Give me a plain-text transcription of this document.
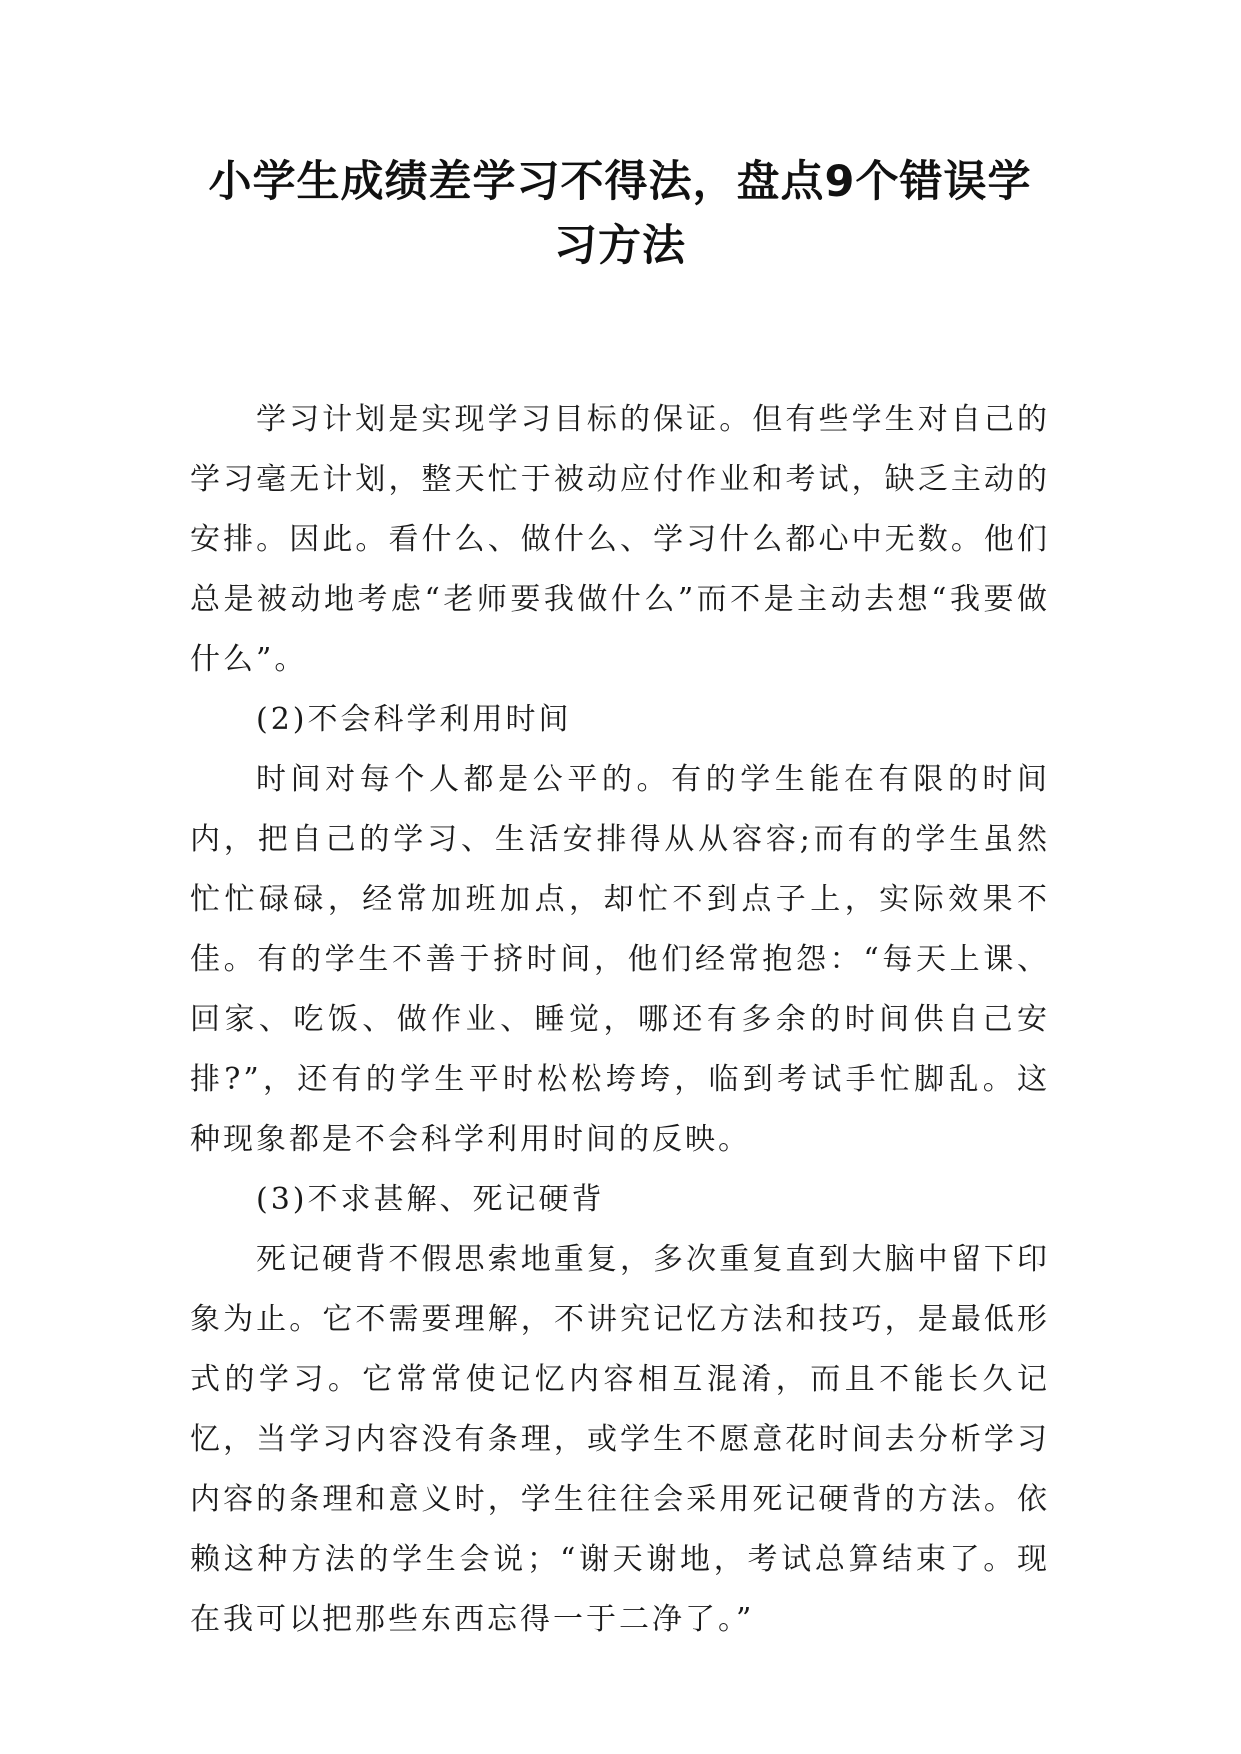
小学生成绩差学习不得法，盘点9个错误学习方法

学习计划是实现学习目标的保证。但有些学生对自己的学习毫无计划，整天忙于被动应付作业和考试，缺乏主动的安排。因此。看什么、做什么、学习什么都心中无数。他们总是被动地考虑“老师要我做什么”而不是主动去想“我要做什么”。

(2)不会科学利用时间

时间对每个人都是公平的。有的学生能在有限的时间内，把自己的学习、生活安排得从从容容;而有的学生虽然忙忙碌碌，经常加班加点，却忙不到点子上，实际效果不佳。有的学生不善于挤时间，他们经常抱怨：“每天上课、回家、吃饭、做作业、睡觉，哪还有多余的时间供自己安排?”，还有的学生平时松松垮垮，临到考试手忙脚乱。这种现象都是不会科学利用时间的反映。

(3)不求甚解、死记硬背

死记硬背不假思索地重复，多次重复直到大脑中留下印象为止。它不需要理解，不讲究记忆方法和技巧，是最低形式的学习。它常常使记忆内容相互混淆，而且不能长久记忆，当学习内容没有条理，或学生不愿意花时间去分析学习内容的条理和意义时，学生往往会采用死记硬背的方法。依赖这种方法的学生会说；“谢天谢地，考试总算结束了。现在我可以把那些东西忘得一于二净了。”
